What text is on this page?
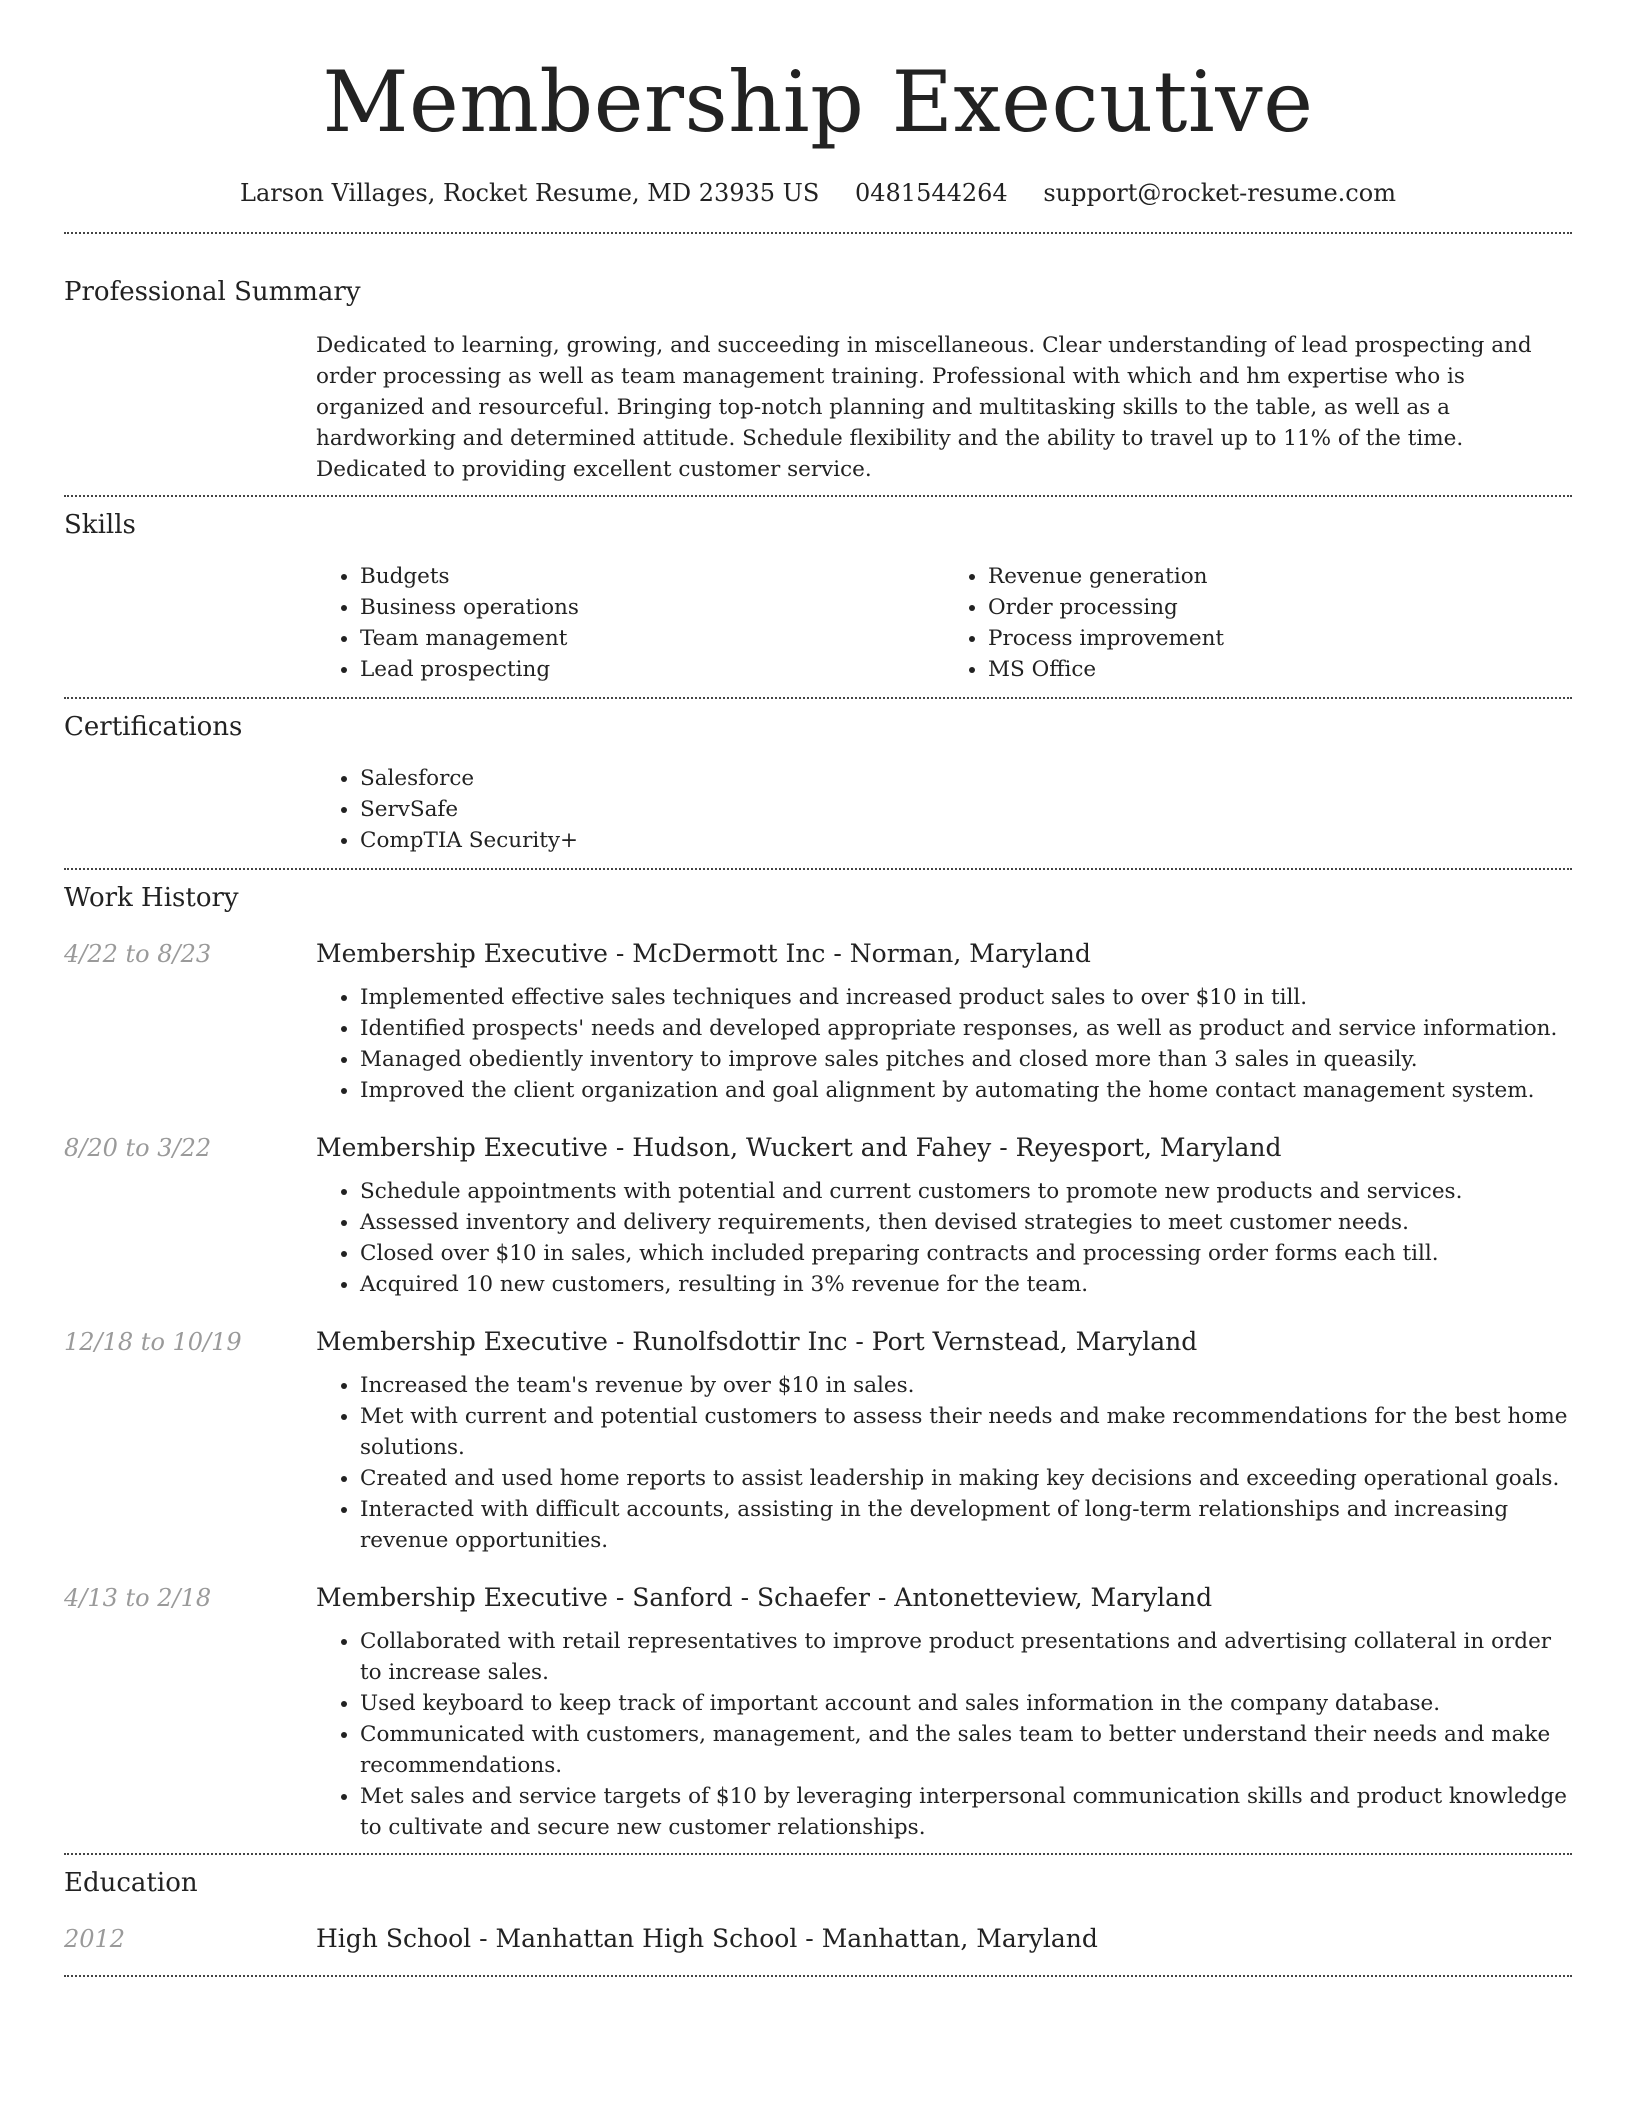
Membership Executive
Larson Villages, Rocket Resume, MD 23935 US 0481544264 support@rocket-resume.com
Professional Summary
Dedicated to learning, growing, and succeeding in miscellaneous. Clear understanding of lead prospecting and order processing as well as team management training. Professional with which and hm expertise who is organized and resourceful. Bringing top-notch planning and multitasking skills to the table, as well as a hardworking and determined attitude. Schedule flexibility and the ability to travel up to 11% of the time. Dedicated to providing excellent customer service.
Skills
• Budgets
• Business operations
• Team management
• Lead prospecting
• Revenue generation
• Order processing
• Process improvement
• MS Office
Certifications
• Salesforce
• ServSafe
• CompTIA Security+
Work History
4/22 to 8/23	Membership Executive - McDermott Inc - Norman, Maryland
• Implemented effective sales techniques and increased product sales to over $10 in till.
• Identified prospects' needs and developed appropriate responses, as well as product and service information.
• Managed obediently inventory to improve sales pitches and closed more than 3 sales in queasily.
• Improved the client organization and goal alignment by automating the home contact management system.
8/20 to 3/22	Membership Executive - Hudson, Wuckert and Fahey - Reyesport, Maryland
• Schedule appointments with potential and current customers to promote new products and services.
• Assessed inventory and delivery requirements, then devised strategies to meet customer needs.
• Closed over $10 in sales, which included preparing contracts and processing order forms each till.
• Acquired 10 new customers, resulting in 3% revenue for the team.
12/18 to 10/19	Membership Executive - Runolfsdottir Inc - Port Vernstead, Maryland
• Increased the team's revenue by over $10 in sales.
• Met with current and potential customers to assess their needs and make recommendations for the best home solutions.
• Created and used home reports to assist leadership in making key decisions and exceeding operational goals.
• Interacted with difficult accounts, assisting in the development of long-term relationships and increasing revenue opportunities.
4/13 to 2/18	Membership Executive - Sanford - Schaefer - Antonetteview, Maryland
• Collaborated with retail representatives to improve product presentations and advertising collateral in order to increase sales.
• Used keyboard to keep track of important account and sales information in the company database.
• Communicated with customers, management, and the sales team to better understand their needs and make recommendations.
• Met sales and service targets of $10 by leveraging interpersonal communication skills and product knowledge to cultivate and secure new customer relationships.
Education
2012	High School - Manhattan High School - Manhattan, Maryland
